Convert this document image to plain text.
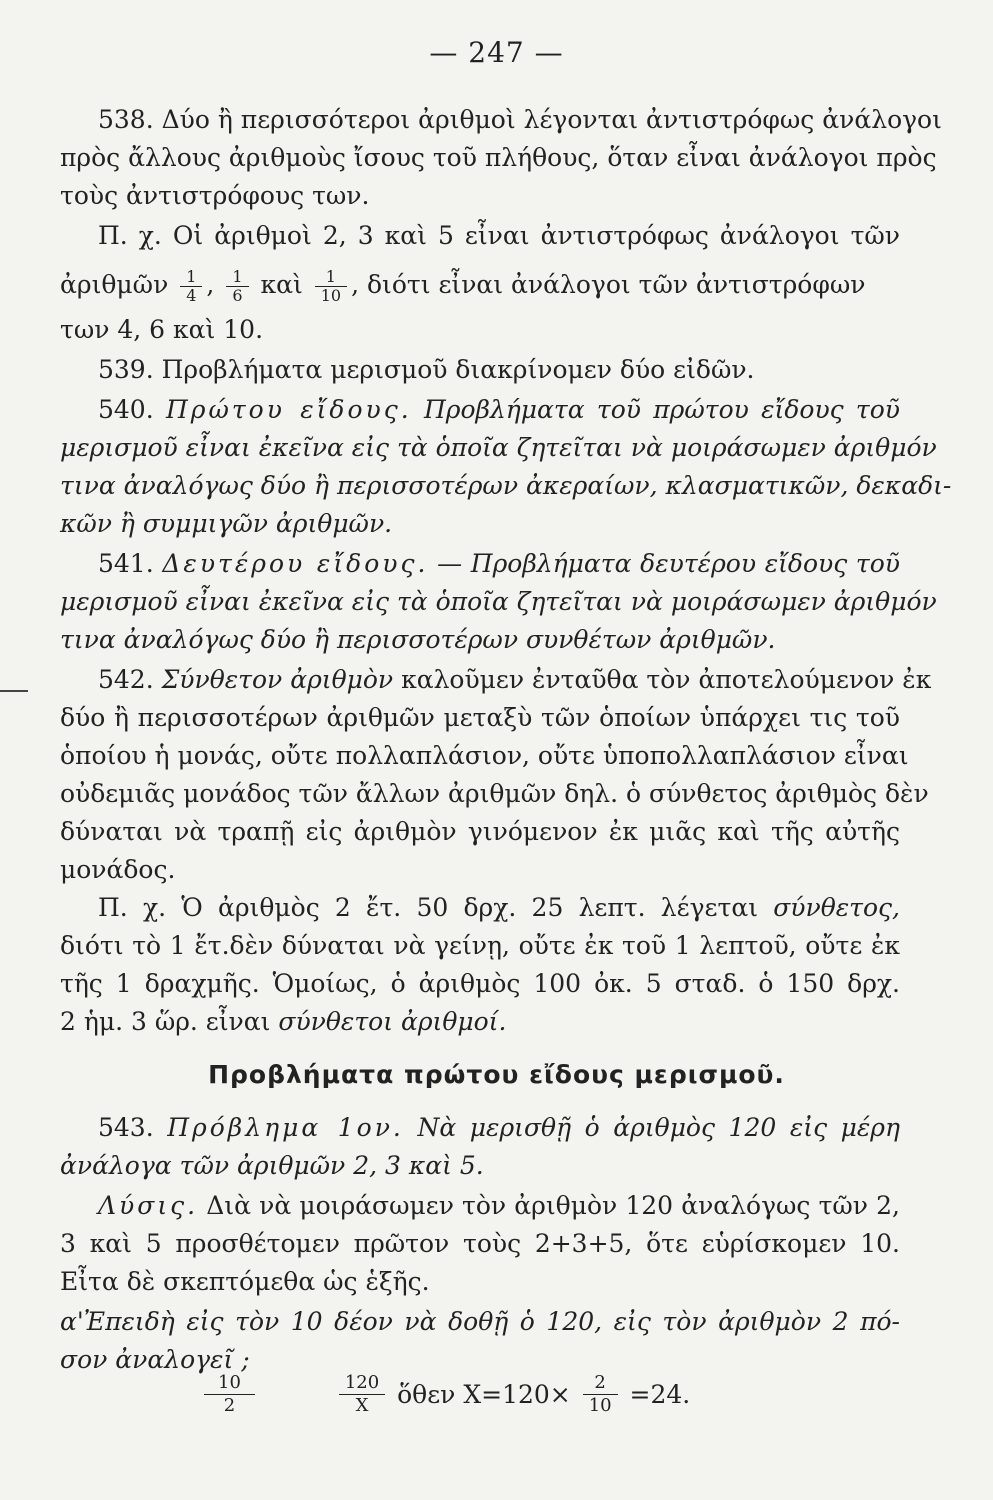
— 247 —
538. Δύο ἢ περισσότεροι ἀριθμοὶ λέγονται ἀντιστρόφως ἀνάλογοι
πρὸς ἄλλους ἀριθμοὺς ἴσους τοῦ πλήθους, ὅταν εἶναι ἀνάλογοι πρὸς
τοὺς ἀντιστρόφους των.
Π. χ. Οἱ ἀριθμοὶ 2, 3 καὶ 5 εἶναι ἀντιστρόφως ἀνάλογοι τῶν
ἀριθμῶν $\frac{1}{4}$ , $\frac{1}{6}$ καὶ $\frac{1}{10}$ , διότι εἶναι ἀνάλογοι τῶν ἀντιστρόφων
των 4, 6 καὶ 10.
539. Προβλήματα μερισμοῦ διακρίνομεν δύο εἰδῶν.
540. Πρώτου εἴδους. Προβλήματα τοῦ πρώτου εἴδους τοῦ
μερισμοῦ εἶναι ἐκεῖνα εἰς τὰ ὁποῖα ζητεῖται νὰ μοιράσωμεν ἀριθμόν
τινα ἀναλόγως δύο ἢ περισσοτέρων ἀκεραίων, κλασματικῶν, δεκαδι-
κῶν ἢ συμμιγῶν ἀριθμῶν.
541. Δευτέρου εἴδους. — Προβλήματα δευτέρου εἴδους τοῦ
μερισμοῦ εἶναι ἐκεῖνα εἰς τὰ ὁποῖα ζητεῖται νὰ μοιράσωμεν ἀριθμόν
τινα ἀναλόγως δύο ἢ περισσοτέρων συνθέτων ἀριθμῶν.
542. Σύνθετον ἀριθμὸν καλοῦμεν ἐνταῦθα τὸν ἀποτελούμενον ἐκ
δύο ἢ περισσοτέρων ἀριθμῶν μεταξὺ τῶν ὁποίων ὑπάρχει τις τοῦ
ὁποίου ἡ μονάς, οὔτε πολλαπλάσιον, οὔτε ὑποπολλαπλάσιον εἶναι
οὐδεμιᾶς μονάδος τῶν ἄλλων ἀριθμῶν δηλ. ὁ σύνθετος ἀριθμὸς δὲν
δύναται νὰ τραπῇ εἰς ἀριθμὸν γινόμενον ἐκ μιᾶς καὶ τῆς αὐτῆς
μονάδος.
Π. χ. Ὁ ἀριθμὸς 2 ἔτ. 50 δρχ. 25 λεπτ. λέγεται σύνθετος,
διότι τὸ 1 ἔτ.δὲν δύναται νὰ γείνῃ, οὔτε ἐκ τοῦ 1 λεπτοῦ, οὔτε ἐκ
τῆς 1 δραχμῆς. Ὁμοίως, ὁ ἀριθμὸς 100 ὀκ. 5 σταδ. ὁ 150 δρχ.
2 ἡμ. 3 ὥρ. εἶναι σύνθετοι ἀριθμοί.
Προβλήματα πρώτου εἴδους μερισμοῦ.
543. Πρόβλημα 1ον. Νὰ μερισθῇ ὁ ἀριθμὸς 120 εἰς μέρη
ἀνάλογα τῶν ἀριθμῶν 2, 3 καὶ 5.
Λύσις. Διὰ νὰ μοιράσωμεν τὸν ἀριθμὸν 120 ἀναλόγως τῶν 2,
3 καὶ 5 προσθέτομεν πρῶτον τοὺς 2+3+5, ὅτε εὑρίσκομεν 10.
Εἶτα δὲ σκεπτόμεθα ὡς ἑξῆς.
α'Ἐπειδὴ εἰς τὸν 10 δέον νὰ δοθῇ ὁ 120, εἰς τὸν ἀριθμὸν 2 πό-
σον ἀναλογεῖ ;
$\frac{10}{2}$
	$\frac{120}{X}$ ὅθεν $X=120\times \frac{2}{10} =24$.
